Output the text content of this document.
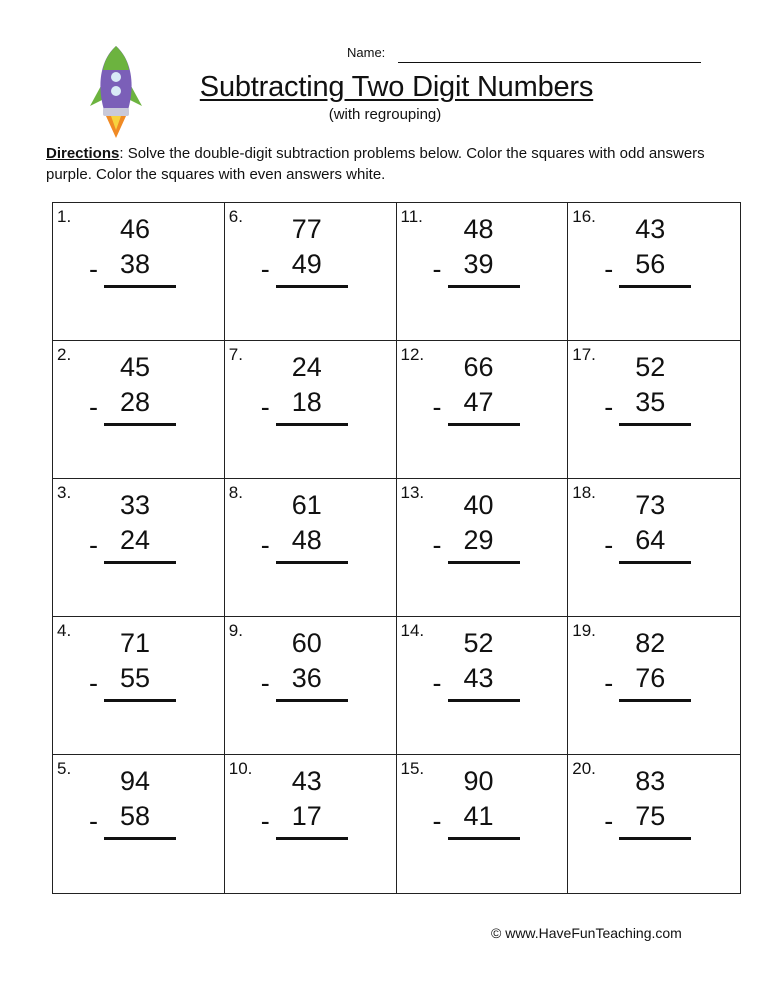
Name:
Subtracting Two Digit Numbers
(with regrouping)
Directions: Solve the double-digit subtraction problems below. Color the squares with odd answers purple. Color the squares with even answers white.
1. 46
- 38
6. 77
- 49
11. 48
- 39
16. 43
- 56
2. 45
- 28
7. 24
- 18
12. 66
- 47
17. 52
- 35
3. 33
- 24
8. 61
- 48
13. 40
- 29
18. 73
- 64
4. 71
- 55
9. 60
- 36
14. 52
- 43
19. 82
- 76
5. 94
- 58
10. 43
- 17
15. 90
- 41
20. 83
- 75
© www.HaveFunTeaching.com
